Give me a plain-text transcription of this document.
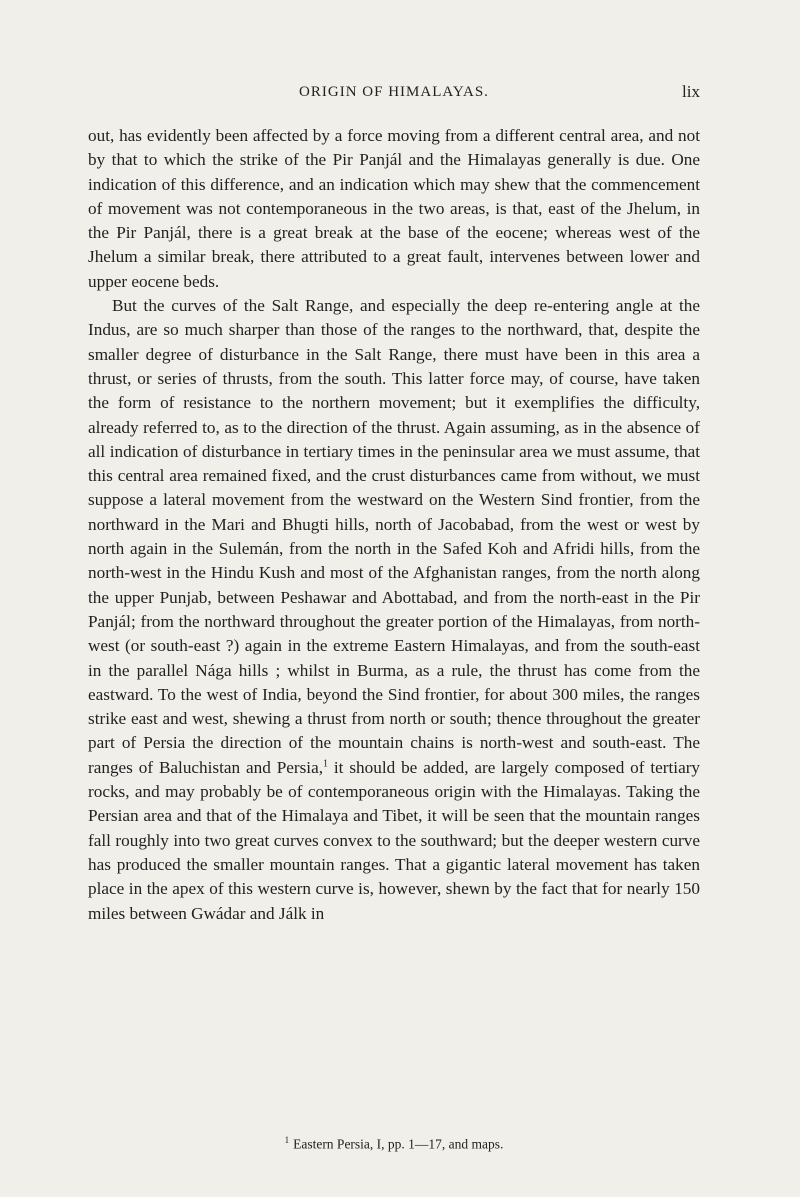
ORIGIN OF HIMALAYAS.	lix

out, has evidently been affected by a force moving from a different central area, and not by that to which the strike of the Pir Panjál and the Himalayas generally is due. One indication of this difference, and an indication which may shew that the commencement of movement was not contemporaneous in the two areas, is that, east of the Jhelum, in the Pir Panjál, there is a great break at the base of the eocene; whereas west of the Jhelum a similar break, there attributed to a great fault, intervenes between lower and upper eocene beds.

But the curves of the Salt Range, and especially the deep re-entering angle at the Indus, are so much sharper than those of the ranges to the northward, that, despite the smaller degree of disturbance in the Salt Range, there must have been in this area a thrust, or series of thrusts, from the south. This latter force may, of course, have taken the form of resistance to the northern movement; but it exemplifies the difficulty, already referred to, as to the direction of the thrust. Again assuming, as in the absence of all indication of disturbance in tertiary times in the peninsular area we must assume, that this central area remained fixed, and the crust disturbances came from without, we must suppose a lateral movement from the westward on the Western Sind frontier, from the northward in the Mari and Bhugti hills, north of Jacobabad, from the west or west by north again in the Sulemán, from the north in the Safed Koh and Afridi hills, from the north-west in the Hindu Kush and most of the Afghanistan ranges, from the north along the upper Punjab, between Peshawar and Abottabad, and from the north-east in the Pir Panjál; from the northward throughout the greater portion of the Himalayas, from north-west (or south-east ?) again in the extreme Eastern Himalayas, and from the south-east in the parallel Nága hills ; whilst in Burma, as a rule, the thrust has come from the eastward. To the west of India, beyond the Sind frontier, for about 300 miles, the ranges strike east and west, shewing a thrust from north or south; thence throughout the greater part of Persia the direction of the mountain chains is north-west and south-east. The ranges of Baluchistan and Persia,$^1$ it should be added, are largely composed of tertiary rocks, and may probably be of contemporaneous origin with the Himalayas. Taking the Persian area and that of the Himalaya and Tibet, it will be seen that the mountain ranges fall roughly into two great curves convex to the southward; but the deeper western curve has produced the smaller mountain ranges. That a gigantic lateral movement has taken place in the apex of this western curve is, however, shewn by the fact that for nearly 150 miles between Gwádar and Jálk in

$^1$ Eastern Persia, I, pp. 1—17, and maps.
